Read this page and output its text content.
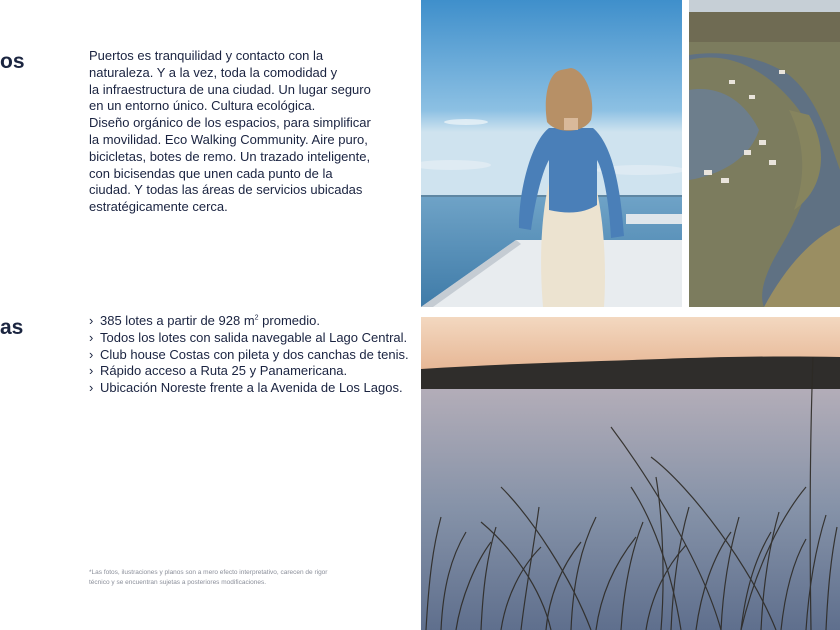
os
as

Puertos es tranquilidad y contacto con la

naturaleza. Y a la vez, toda la comodidad y

la infraestructura de una ciudad. Un lugar seguro

en un entorno único. Cultura ecológica.

Diseño orgánico de los espacios, para simplificar

la movilidad. Eco Walking Community. Aire puro,

bicicletas, botes de remo. Un trazado inteligente,

con bicisendas que unen cada punto de la

ciudad. Y todas las áreas de servicios ubicadas

estratégicamente cerca.

› 385 lotes a partir de 928 $m^2$ promedio.
› Todos los lotes con salida navegable al Lago Central.
› Club house Costas con pileta y dos canchas de tenis.
› Rápido acceso a Ruta 25 y Panamericana.
› Ubicación Noreste frente a la Avenida de Los Lagos.
*Las fotos, ilustraciones y planos son a mero efecto interpretativo, carecen de rigor
técnico y se encuentran sujetas a posteriores modificaciones.
